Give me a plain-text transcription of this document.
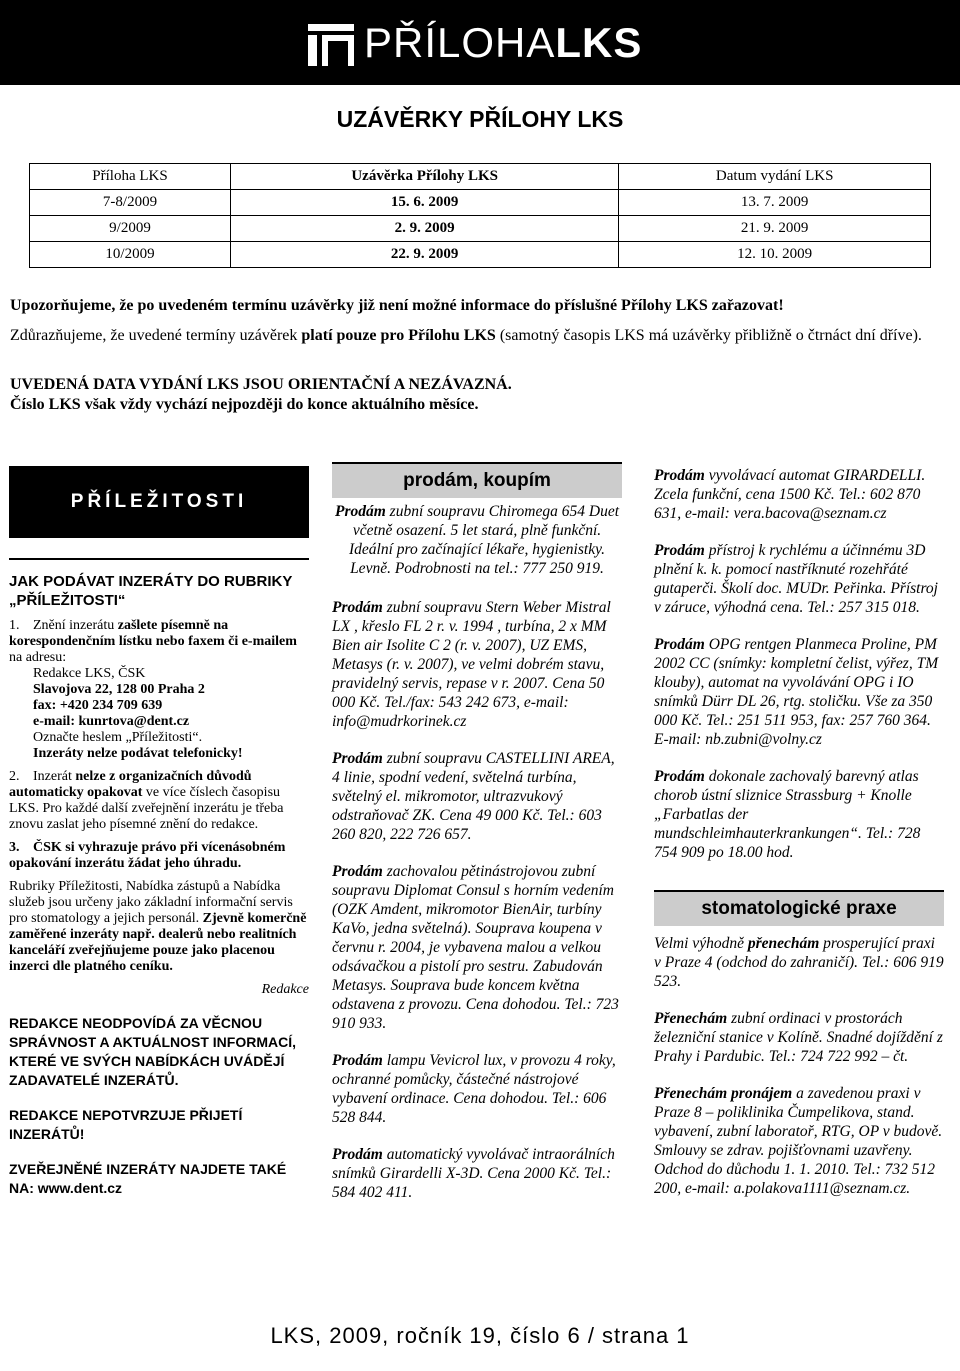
PŘÍLOHALKS
UZÁVĚRKY PŘÍLOHY LKS
Příloha LKS	Uzávěrka Přílohy LKS	Datum vydání LKS
7-8/2009	15. 6. 2009	13. 7. 2009
9/2009	2. 9. 2009	21. 9. 2009
10/2009	22. 9. 2009	12. 10. 2009
Upozorňujeme, že po uvedeném termínu uzávěrky již není možné informace do příslušné Přílohy LKS zařazovat!
Zdůrazňujeme, že uvedené termíny uzávěrek platí pouze pro Přílohu LKS (samotný časopis LKS má uzávěrky přibližně o čtrnáct dní dříve).
UVEDENÁ DATA VYDÁNÍ LKS JSOU ORIENTAČNÍ A NEZÁVAZNÁ.
Číslo LKS však vždy vychází nejpozději do konce aktuálního měsíce.
PŘÍLEŽITOSTI
JAK PODÁVAT INZERÁTY DO RUBRIKY „PŘÍLEŽITOSTI“

1. Znění inzerátu zašlete písemně na korespondenčním lístku nebo faxem či e-mailem na adresu:
Redakce LKS, ČSK
Slavojova 22, 128 00 Praha 2
fax: +420 234 709 639
e-mail: kunrtova@dent.cz
Označte heslem „Příležitosti“.
Inzeráty nelze podávat telefonicky!

2. Inzerát nelze z organizačních důvodů automaticky opakovat ve více číslech časopisu LKS. Pro každé další zveřejnění inzerátu je třeba znovu zaslat jeho písemné znění do redakce.

3. ČSK si vyhrazuje právo při vícenásobném opakování inzerátu žádat jeho úhradu.

Rubriky Příležitosti, Nabídka zástupů a Nabídka služeb jsou určeny jako základní informační servis pro stomatology a jejich personál. Zjevně komerčně zaměřené inzeráty např. dealerů nebo realitních kanceláří zveřejňujeme pouze jako placenou inzerci dle platného ceníku.

Redakce
REDAKCE NEODPOVÍDÁ ZA VĚCNOU SPRÁVNOST A AKTUÁLNOST INFORMACÍ, KTERÉ VE SVÝCH NABÍDKÁCH UVÁDĚJÍ ZADAVATELÉ INZERÁTŮ.
REDAKCE NEPOTVRZUJE PŘIJETÍ INZERÁTŮ!
ZVEŘEJNĚNÉ INZERÁTY NAJDETE TAKÉ NA: www.dent.cz
prodám, koupím

Prodám zubní soupravu Chiromega 654 Duet včetně osazení. 5 let stará, plně funkční. Ideální pro začínající lékaře, hygienistky. Levně. Podrobnosti na tel.: 777 250 919.

Prodám zubní soupravu Stern Weber Mistral LX , křeslo FL 2 r. v. 1994 , turbína, 2 x MM Bien air Isolite C 2 (r. v. 2007), UZ EMS, Metasys (r. v. 2007), ve velmi dobrém stavu, pravidelný servis, repase v r. 2007. Cena 50 000 Kč. Tel./fax: 543 242 673, e-mail: info@mudrkorinek.cz

Prodám zubní soupravu CASTELLINI AREA, 4 linie, spodní vedení, světelná turbína, světelný el. mikromotor, ultrazvukový odstraňovač ZK. Cena 49 000 Kč. Tel.: 603 260 820, 222 726 657.

Prodám zachovalou pětinástrojovou zubní soupravu Diplomat Consul s horním vedením (OZK Amdent, mikromotor BienAir, turbíny KaVo, jedna světelná). Souprava koupena v červnu r. 2004, je vybavena malou a velkou odsávačkou a pistolí pro sestru. Zabudován Metasys. Souprava bude koncem května odstavena z provozu. Cena dohodou. Tel.: 723 910 933.

Prodám lampu Vevicrol lux, v provozu 4 roky, ochranné pomůcky, částečné nástrojové vybavení ordinace. Cena dohodou. Tel.: 606 528 844.

Prodám automatický vyvolávač intraorálních snímků Girardelli X-3D. Cena 2000 Kč. Tel.: 584 402 411.

Prodám vyvolávací automat GIRARDELLI. Zcela funkční, cena 1500 Kč. Tel.: 602 870 631, e-mail: vera.bacova@seznam.cz

Prodám přístroj k rychlému a účinnému 3D plnění k. k. pomocí nastříknuté rozehřáté gutaperči. Školí doc. MUDr. Peřinka. Přístroj v záruce, výhodná cena. Tel.: 257 315 018.

Prodám OPG rentgen Planmeca Proline, PM 2002 CC (snímky: kompletní čelist, výřez, TM klouby), automat na vyvolávání OPG i IO snímků Dürr DL 26, rtg. stoličku. Vše za 350 000 Kč. Tel.: 251 511 953, fax: 257 760 364. E-mail: nb.zubni@volny.cz

Prodám dokonale zachovalý barevný atlas chorob ústní sliznice Strassburg + Knolle „Farbatlas der mundschleimhauterkrankungen“. Tel.: 728 754 909 po 18.00 hod.

stomatologické praxe

Velmi výhodně přenechám prosperující praxi v Praze 4 (odchod do zahraničí). Tel.: 606 919 523.

Přenechám zubní ordinaci v prostorách železniční stanice v Kolíně. Snadné dojíždění z Prahy i Pardubic. Tel.: 724 722 992 – čt.

Přenechám pronájem a zavedenou praxi v Praze 8 – poliklinika Čumpelikova, stand. vybavení, zubní laboratoř, RTG, OP v budově. Smlouvy se zdrav. pojišťovnami uzavřeny. Odchod do důchodu 1. 1. 2010. Tel.: 732 512 200, e-mail: a.polakova1111@seznam.cz.

LKS, 2009, ročník 19, číslo 6 / strana 1
